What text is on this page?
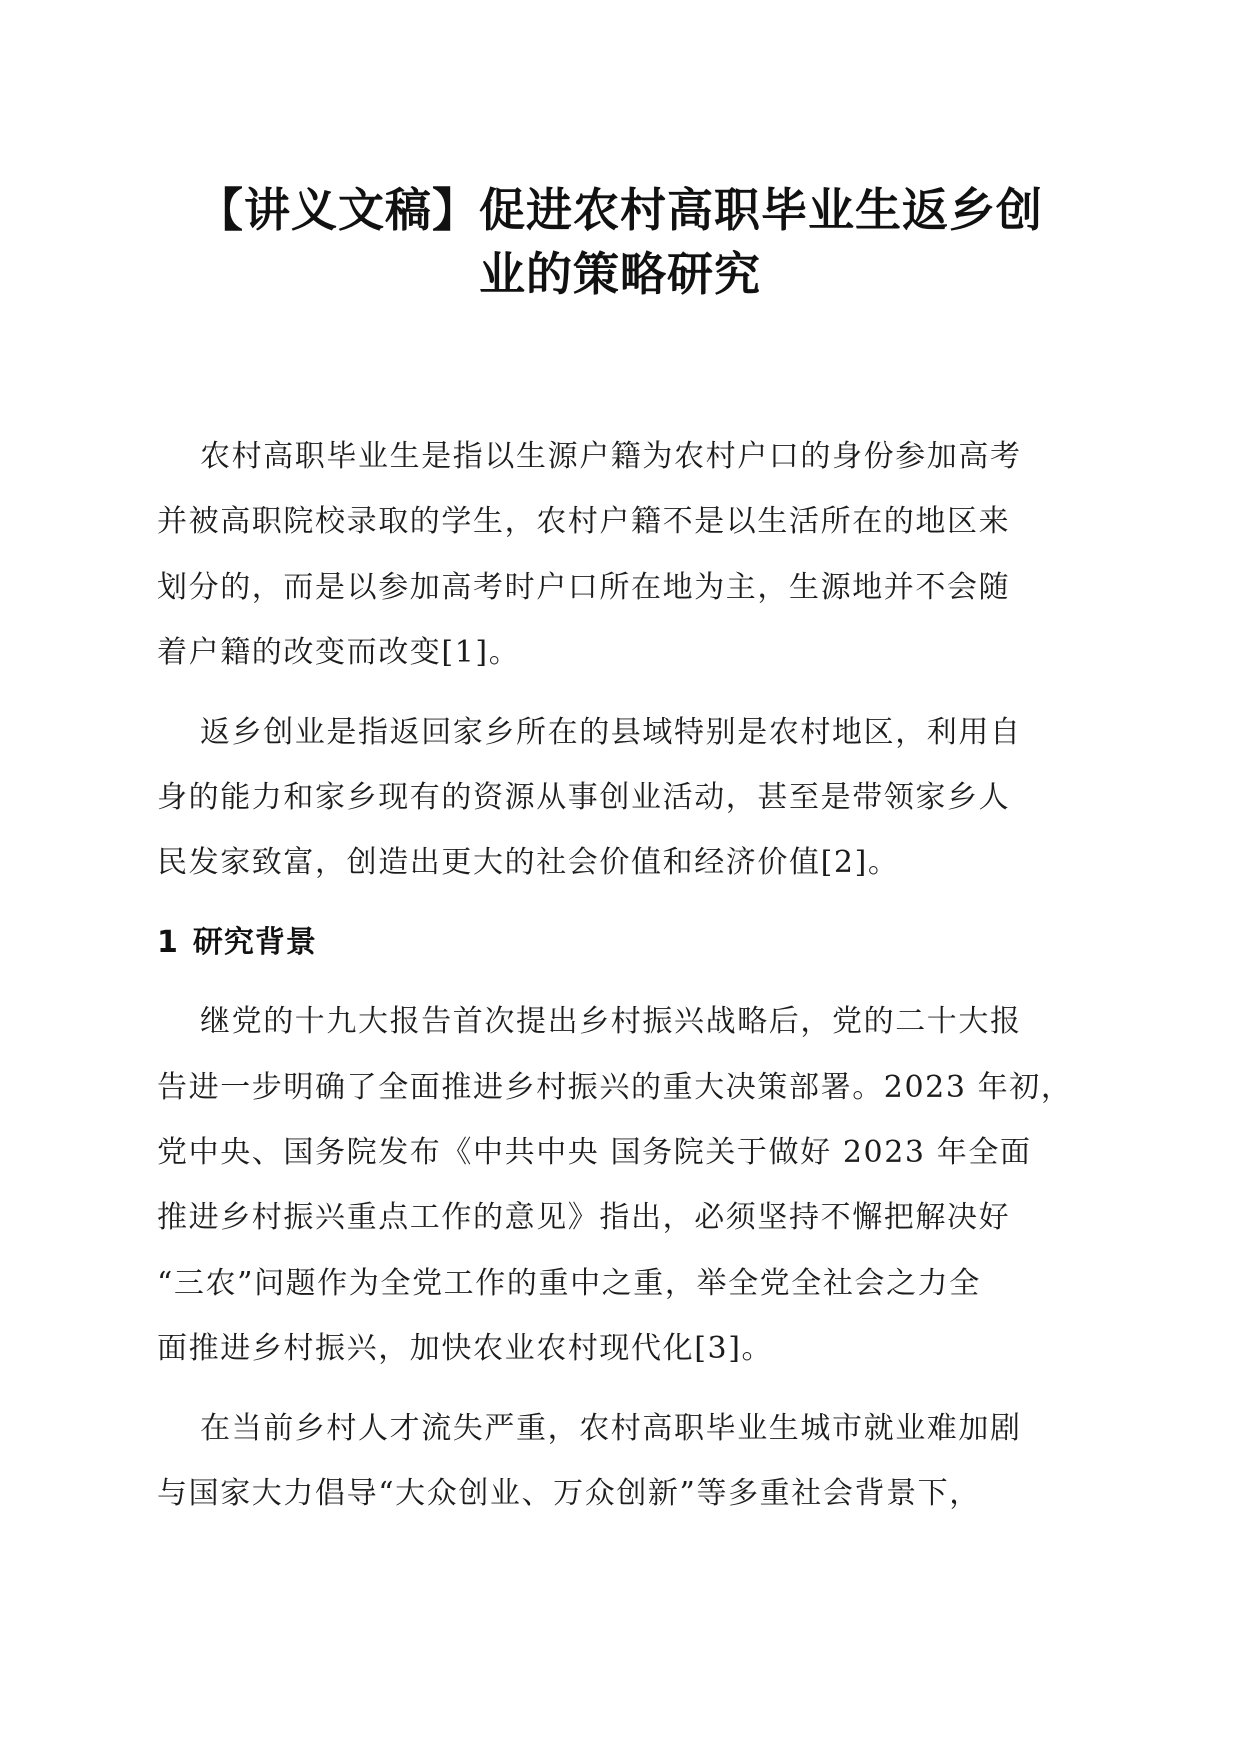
【讲义文稿】促进农村高职毕业生返乡创
业的策略研究

农村高职毕业生是指以生源户籍为农村户口的身份参加高考
并被高职院校录取的学生，农村户籍不是以生活所在的地区来
划分的，而是以参加高考时户口所在地为主，生源地并不会随
着户籍的改变而改变[1]。

返乡创业是指返回家乡所在的县域特别是农村地区，利用自
身的能力和家乡现有的资源从事创业活动，甚至是带领家乡人
民发家致富，创造出更大的社会价值和经济价值[2]。

1 研究背景

继党的十九大报告首次提出乡村振兴战略后，党的二十大报
告进一步明确了全面推进乡村振兴的重大决策部署。2023 年初，
党中央、国务院发布《中共中央 国务院关于做好 2023 年全面
推进乡村振兴重点工作的意见》指出，必须坚持不懈把解决好
“三农”问题作为全党工作的重中之重，举全党全社会之力全
面推进乡村振兴，加快农业农村现代化[3]。

在当前乡村人才流失严重，农村高职毕业生城市就业难加剧
与国家大力倡导“大众创业、万众创新”等多重社会背景下，
